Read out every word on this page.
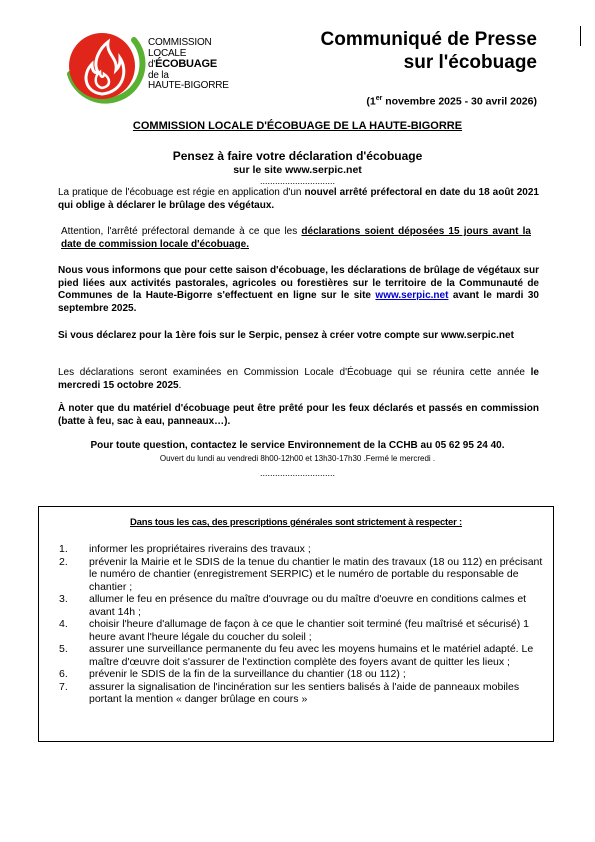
COMMISSION
LOCALE
d'ÉCOBUAGE
de la
HAUTE-BIGORRE
Communiqué de Presse
sur l'écobuage
(1er novembre 2025 - 30 avril 2026)
COMMISSION LOCALE D'ÉCOBUAGE DE LA HAUTE-BIGORRE
Pensez à faire votre déclaration d'écobuage
sur le site www.serpic.net
..............................
La pratique de l'écobuage est régie en application d'un nouvel arrêté préfectoral en date du 18 août 2021 qui oblige à déclarer le brûlage des végétaux.
Attention, l'arrêté préfectoral demande à ce que les déclarations soient déposées 15 jours avant la date de commission locale d'écobuage.
Nous vous informons que pour cette saison d'écobuage, les déclarations de brûlage de végétaux sur pied liées aux activités pastorales, agricoles ou forestières sur le territoire de la Communauté de Communes de la Haute-Bigorre s'effectuent en ligne sur le site www.serpic.net avant le mardi 30 septembre 2025.
Si vous déclarez pour la 1ère fois sur le Serpic, pensez à créer votre compte sur www.serpic.net
Les déclarations seront examinées en Commission Locale d'Écobuage qui se réunira cette année le mercredi 15 octobre 2025.
À noter que du matériel d'écobuage peut être prêté pour les feux déclarés et passés en commission (batte à feu, sac à eau, panneaux…).
Pour toute question, contactez le service Environnement de la CCHB au 05 62 95 24 40.
Ouvert du lundi au vendredi 8h00-12h00 et 13h30-17h30 .Fermé le mercredi .
..............................
Dans tous les cas, des prescriptions générales sont strictement à respecter :
1. informer les propriétaires riverains des travaux ;
2. prévenir la Mairie et le SDIS de la tenue du chantier le matin des travaux (18 ou 112) en précisant le numéro de chantier (enregistrement SERPIC) et le numéro de portable du responsable de chantier ;
3. allumer le feu en présence du maître d'ouvrage ou du maître d'oeuvre en conditions calmes et avant 14h ;
4. choisir l'heure d'allumage de façon à ce que le chantier soit terminé (feu maîtrisé et sécurisé) 1 heure avant l'heure légale du coucher du soleil ;
5. assurer une surveillance permanente du feu avec les moyens humains et le matériel adapté. Le maître d'œuvre doit s'assurer de l'extinction complète des foyers avant de quitter les lieux ;
6. prévenir le SDIS de la fin de la surveillance du chantier (18 ou 112) ;
7. assurer la signalisation de l'incinération sur les sentiers balisés à l'aide de panneaux mobiles portant la mention « danger brûlage en cours »
